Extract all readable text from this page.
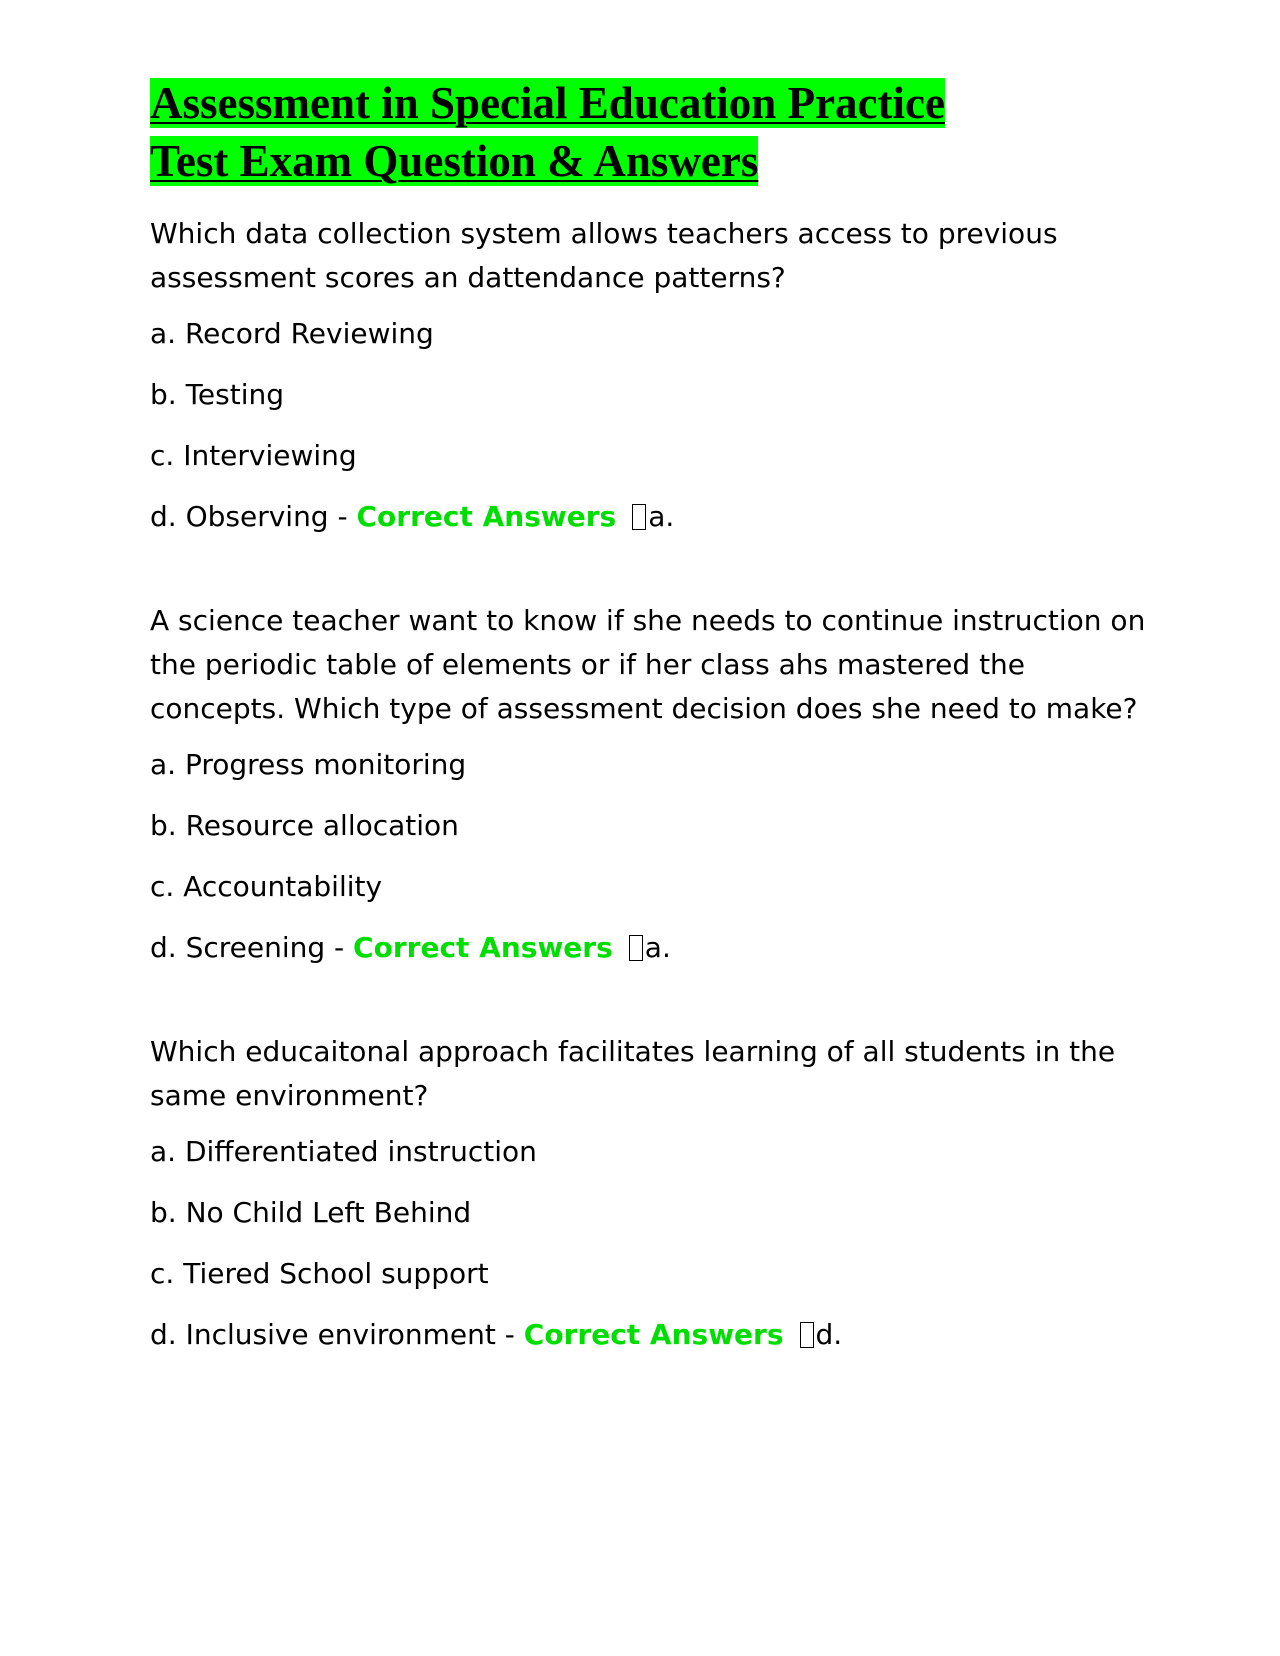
Assessment in Special Education Practice
Test Exam Question & Answers

Which data collection system allows teachers access to previous assessment scores an dattendance patterns?

a. Record Reviewing

b. Testing

c. Interviewing

d. Observing - Correct Answers a.

A science teacher want to know if she needs to continue instruction on the periodic table of elements or if her class ahs mastered the concepts. Which type of assessment decision does she need to make?

a. Progress monitoring

b. Resource allocation

c. Accountability

d. Screening - Correct Answers a.

Which educaitonal approach facilitates learning of all students in the same environment?

a. Differentiated instruction

b. No Child Left Behind

c. Tiered School support

d. Inclusive environment - Correct Answers d.
